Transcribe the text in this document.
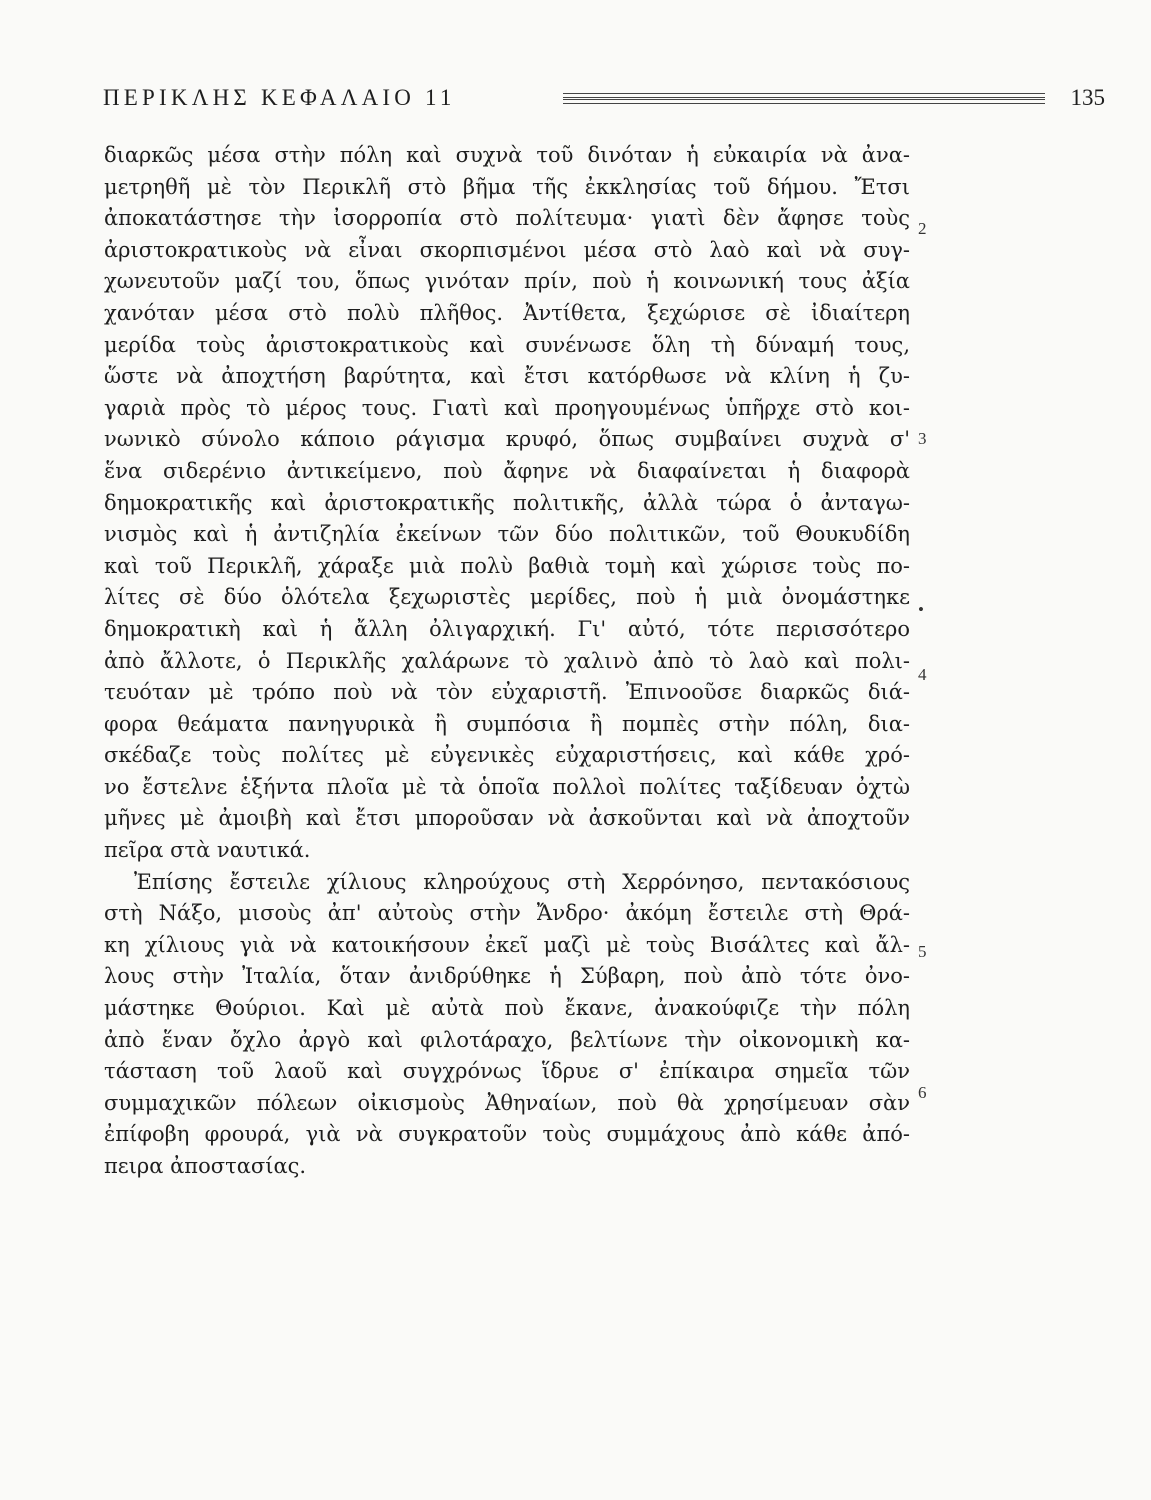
ΠΕΡΙΚΛΗΣ ΚΕΦΑΛΑΙΟ 11	135
διαρκῶς μέσα στὴν πόλη καὶ συχνὰ τοῦ δινόταν ἡ εὐκαιρία νὰ ἀνα-
μετρηθῆ μὲ τὸν Περικλῆ στὸ βῆμα τῆς ἐκκλησίας τοῦ δήμου. Ἔτσι
ἀποκατάστησε τὴν ἰσορροπία στὸ πολίτευμα· γιατὶ δὲν ἄφησε τοὺς
ἀριστοκρατικοὺς νὰ εἶναι σκορπισμένοι μέσα στὸ λαὸ καὶ νὰ συγ-
χωνευτοῦν μαζί του, ὅπως γινόταν πρίν, ποὺ ἡ κοινωνική τους ἀξία
χανόταν μέσα στὸ πολὺ πλῆθος. Ἀντίθετα, ξεχώρισε σὲ ἰδιαίτερη
μερίδα τοὺς ἀριστοκρατικοὺς καὶ συνένωσε ὅλη τὴ δύναμή τους,
ὥστε νὰ ἀποχτήση βαρύτητα, καὶ ἔτσι κατόρθωσε νὰ κλίνη ἡ ζυ-
γαριὰ πρὸς τὸ μέρος τους. Γιατὶ καὶ προηγουμένως ὑπῆρχε στὸ κοι-
νωνικὸ σύνολο κάποιο ράγισμα κρυφό, ὅπως συμβαίνει συχνὰ σ'
ἕνα σιδερένιο ἀντικείμενο, ποὺ ἄφηνε νὰ διαφαίνεται ἡ διαφορὰ
δημοκρατικῆς καὶ ἀριστοκρατικῆς πολιτικῆς, ἀλλὰ τώρα ὁ ἀνταγω-
νισμὸς καὶ ἡ ἀντιζηλία ἐκείνων τῶν δύο πολιτικῶν, τοῦ Θουκυδίδη
καὶ τοῦ Περικλῆ, χάραξε μιὰ πολὺ βαθιὰ τομὴ καὶ χώρισε τοὺς πο-
λίτες σὲ δύο ὁλότελα ξεχωριστὲς μερίδες, ποὺ ἡ μιὰ ὀνομάστηκε
δημοκρατικὴ καὶ ἡ ἄλλη ὀλιγαρχική. Γι' αὐτό, τότε περισσότερο
ἀπὸ ἄλλοτε, ὁ Περικλῆς χαλάρωνε τὸ χαλινὸ ἀπὸ τὸ λαὸ καὶ πολι-
τευόταν μὲ τρόπο ποὺ νὰ τὸν εὐχαριστῆ. Ἐπινοοῦσε διαρκῶς διά-
φορα θεάματα πανηγυρικὰ ἢ συμπόσια ἢ πομπὲς στὴν πόλη, δια-
σκέδαζε τοὺς πολίτες μὲ εὐγενικὲς εὐχαριστήσεις, καὶ κάθε χρό-
νο ἔστελνε ἑξήντα πλοῖα μὲ τὰ ὁποῖα πολλοὶ πολίτες ταξίδευαν ὀχτὼ
μῆνες μὲ ἀμοιβὴ καὶ ἔτσι μποροῦσαν νὰ ἀσκοῦνται καὶ νὰ ἀποχτοῦν
πεῖρα στὰ ναυτικά.
Ἐπίσης ἔστειλε χίλιους κληρούχους στὴ Χερρόνησο, πεντακόσιους
στὴ Νάξο, μισοὺς ἀπ' αὐτοὺς στὴν Ἄνδρο· ἀκόμη ἔστειλε στὴ Θρά-
κη χίλιους γιὰ νὰ κατοικήσουν ἐκεῖ μαζὶ μὲ τοὺς Βισάλτες καὶ ἄλ-
λους στὴν Ἰταλία, ὅταν ἀνιδρύθηκε ἡ Σύβαρη, ποὺ ἀπὸ τότε ὀνο-
μάστηκε Θούριοι. Καὶ μὲ αὐτὰ ποὺ ἔκανε, ἀνακούφιζε τὴν πόλη
ἀπὸ ἕναν ὄχλο ἀργὸ καὶ φιλοτάραχο, βελτίωνε τὴν οἰκονομικὴ κα-
τάσταση τοῦ λαοῦ καὶ συγχρόνως ἵδρυε σ' ἐπίκαιρα σημεῖα τῶν
συμμαχικῶν πόλεων οἰκισμοὺς Ἀθηναίων, ποὺ θὰ χρησίμευαν σὰν
ἐπίφοβη φρουρά, γιὰ νὰ συγκρατοῦν τοὺς συμμάχους ἀπὸ κάθε ἀπό-
πειρα ἀποστασίας.
2
3
•
4
5
6
